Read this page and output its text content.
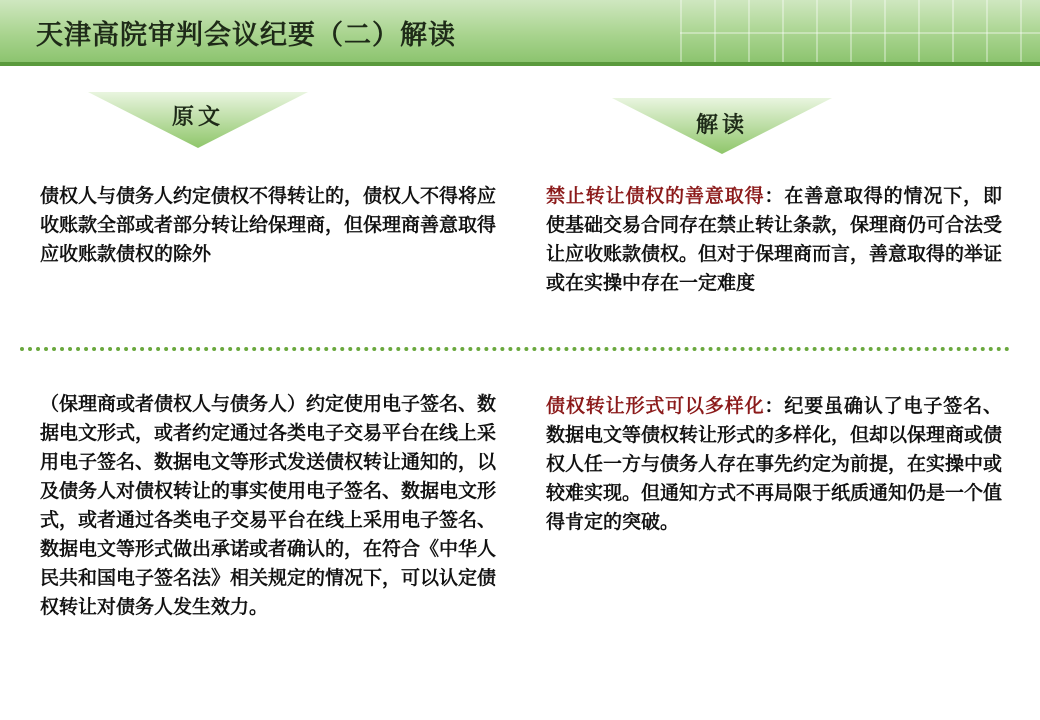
天津高院审判会议纪要（二）解读
原文	解读
债权人与债务人约定债权不得转让的，债权人不得将应收账款全部或者部分转让给保理商，但保理商善意取得应收账款债权的除外
禁止转让债权的善意取得：在善意取得的情况下，即使基础交易合同存在禁止转让条款，保理商仍可合法受让应收账款债权。但对于保理商而言，善意取得的举证或在实操中存在一定难度
（保理商或者债权人与债务人）约定使用电子签名、数据电文形式，或者约定通过各类电子交易平台在线上采用电子签名、数据电文等形式发送债权转让通知的，以及债务人对债权转让的事实使用电子签名、数据电文形式，或者通过各类电子交易平台在线上采用电子签名、数据电文等形式做出承诺或者确认的，在符合《中华人民共和国电子签名法》相关规定的情况下，可以认定债权转让对债务人发生效力。
债权转让形式可以多样化：纪要虽确认了电子签名、数据电文等债权转让形式的多样化，但却以保理商或债权人任一方与债务人存在事先约定为前提，在实操中或较难实现。但通知方式不再局限于纸质通知仍是一个值得肯定的突破。
